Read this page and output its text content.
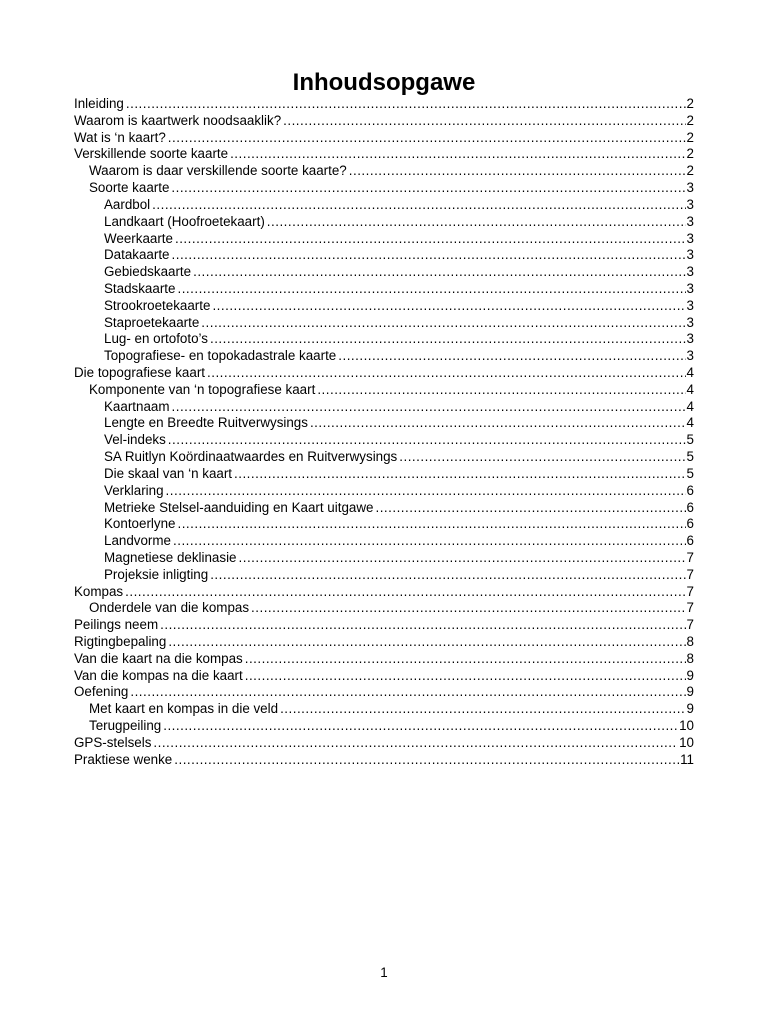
Inhoudsopgawe
Inleiding .....	2
Waarom is kaartwerk noodsaaklik? .....	2
Wat is ‘n kaart? .....	2
Verskillende soorte kaarte .....	2
Waarom is daar verskillende soorte kaarte? .....	2
Soorte kaarte .....	3
Aardbol .....	3
Landkaart (Hoofroetekaart) .....	3
Weerkaarte .....	3
Datakaarte .....	3
Gebiedskaarte .....	3
Stadskaarte .....	3
Strookroetekaarte .....	3
Staproetekaarte .....	3
Lug- en ortofoto’s .....	3
Topografiese- en topokadastrale kaarte .....	3
Die topografiese kaart .....	4
Komponente van ‘n topografiese kaart .....	4
Kaartnaam .....	4
Lengte en Breedte Ruitverwysings .....	4
Vel-indeks .....	5
SA Ruitlyn Koördinaatwaardes en Ruitverwysings .....	5
Die skaal van ‘n kaart .....	5
Verklaring .....	6
Metrieke Stelsel-aanduiding en Kaart uitgawe .....	6
Kontoerlyne .....	6
Landvorme .....	6
Magnetiese deklinasie .....	7
Projeksie inligting .....	7
Kompas .....	7
Onderdele van die kompas .....	7
Peilings neem .....	7
Rigtingbepaling .....	8
Van die kaart na die kompas .....	8
Van die kompas na die kaart .....	9
Oefening .....	9
Met kaart en kompas in die veld .....	9
Terugpeiling .....	10
GPS-stelsels .....	10
Praktiese wenke .....	11
1
